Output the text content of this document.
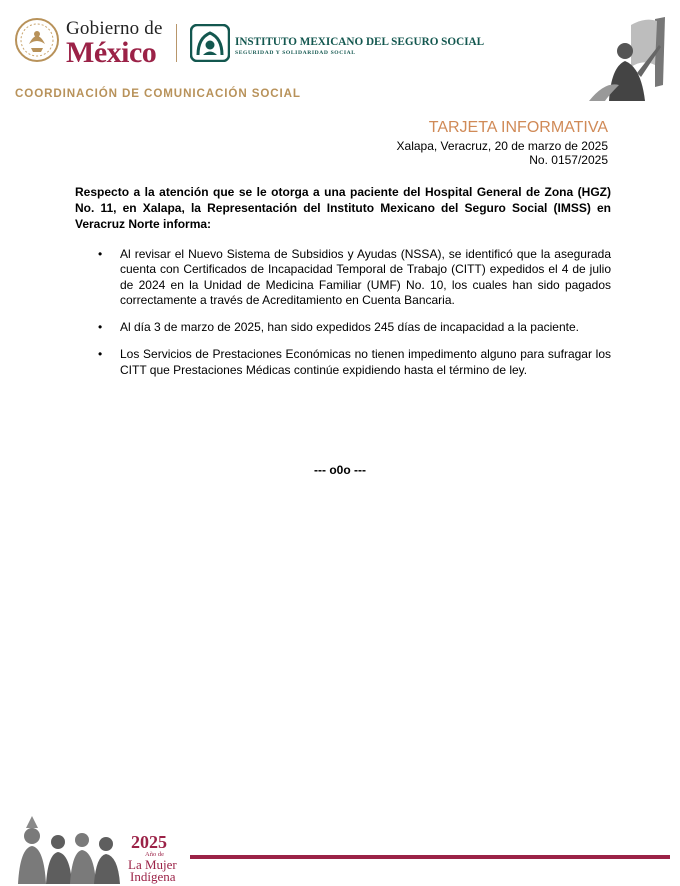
Gobierno de
México	INSTITUTO MEXICANO DEL SEGURO SOCIAL
SEGURIDAD Y SOLIDARIDAD SOCIAL
COORDINACIÓN DE COMUNICACIÓN SOCIAL
TARJETA INFORMATIVA
Xalapa, Veracruz, 20 de marzo de 2025
No. 0157/2025
Respecto a la atención que se le otorga a una paciente del Hospital General de Zona (HGZ) No. 11, en Xalapa, la Representación del Instituto Mexicano del Seguro Social (IMSS) en Veracruz Norte informa:
• Al revisar el Nuevo Sistema de Subsidios y Ayudas (NSSA), se identificó que la asegurada cuenta con Certificados de Incapacidad Temporal de Trabajo (CITT) expedidos el 4 de julio de 2024 en la Unidad de Medicina Familiar (UMF) No. 10, los cuales han sido pagados correctamente a través de Acreditamiento en Cuenta Bancaria.
• Al día 3 de marzo de 2025, han sido expedidos 245 días de incapacidad a la paciente.
• Los Servicios de Prestaciones Económicas no tienen impedimento alguno para sufragar los CITT que Prestaciones Médicas continúe expidiendo hasta el término de ley.
--- o0o ---
2025
Año de
La Mujer
Indígena
